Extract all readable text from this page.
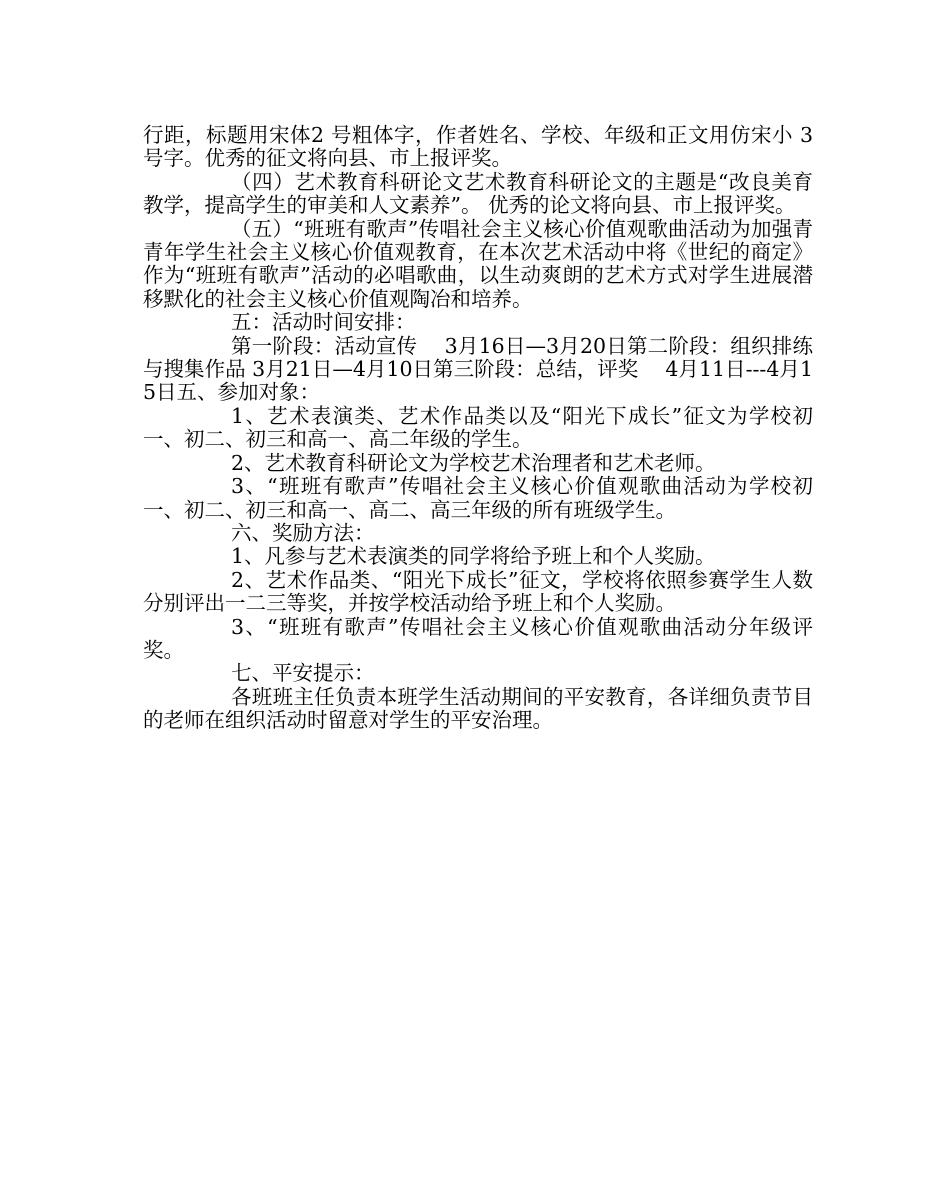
行距，标题用宋体2 号粗体字，作者姓名、学校、年级和正文用仿宋小 3 号字。优秀的征文将向县、市上报评奖。

（四）艺术教育科研论文艺术教育科研论文的主题是“改良美育教学，提高学生的审美和人文素养”。 优秀的论文将向县、市上报评奖。

（五）“班班有歌声”传唱社会主义核心价值观歌曲活动为加强青青年学生社会主义核心价值观教育，在本次艺术活动中将《世纪的商定》作为“班班有歌声”活动的必唱歌曲，以生动爽朗的艺术方式对学生进展潜移默化的社会主义核心价值观陶冶和培养。

五：活动时间安排：

第一阶段：活动宣传　 3月16日—3月20日第二阶段：组织排练与搜集作品 3月21日—4月10日第三阶段：总结，评奖　 4月11日---4月15日五、参加对象：

1、艺术表演类、艺术作品类以及“阳光下成长”征文为学校初一、初二、初三和高一、高二年级的学生。

2、艺术教育科研论文为学校艺术治理者和艺术老师。

3、“班班有歌声”传唱社会主义核心价值观歌曲活动为学校初一、初二、初三和高一、高二、高三年级的所有班级学生。

六、奖励方法：

1、凡参与艺术表演类的同学将给予班上和个人奖励。

2、艺术作品类、“阳光下成长”征文，学校将依照参赛学生人数分别评出一二三等奖，并按学校活动给予班上和个人奖励。

3、“班班有歌声”传唱社会主义核心价值观歌曲活动分年级评奖。

七、平安提示：

各班班主任负责本班学生活动期间的平安教育，各详细负责节目的老师在组织活动时留意对学生的平安治理。
